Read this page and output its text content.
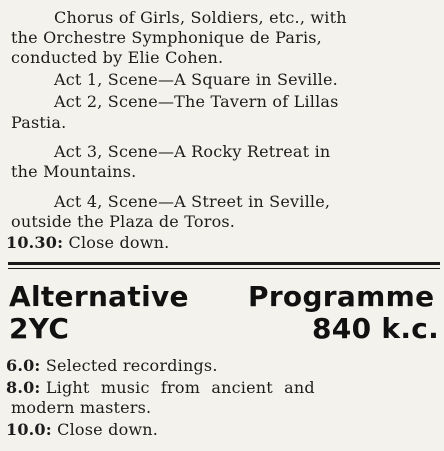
Chorus of Girls, Soldiers, etc., with
the Orchestre Symphonique de Paris,
conducted by Elie Cohen.
Act 1, Scene—A Square in Seville.
Act 2, Scene—The Tavern of Lillas
Pastia.
Act 3, Scene—A Rocky Retreat in
the Mountains.
Act 4, Scene—A Street in Seville,
outside the Plaza de Toros.
10.30: Close down.
Alternative
2YC
Programme
840 k.c.
6.0: Selected recordings.
8.0: Light music from ancient and
modern masters.
10.0: Close down.
